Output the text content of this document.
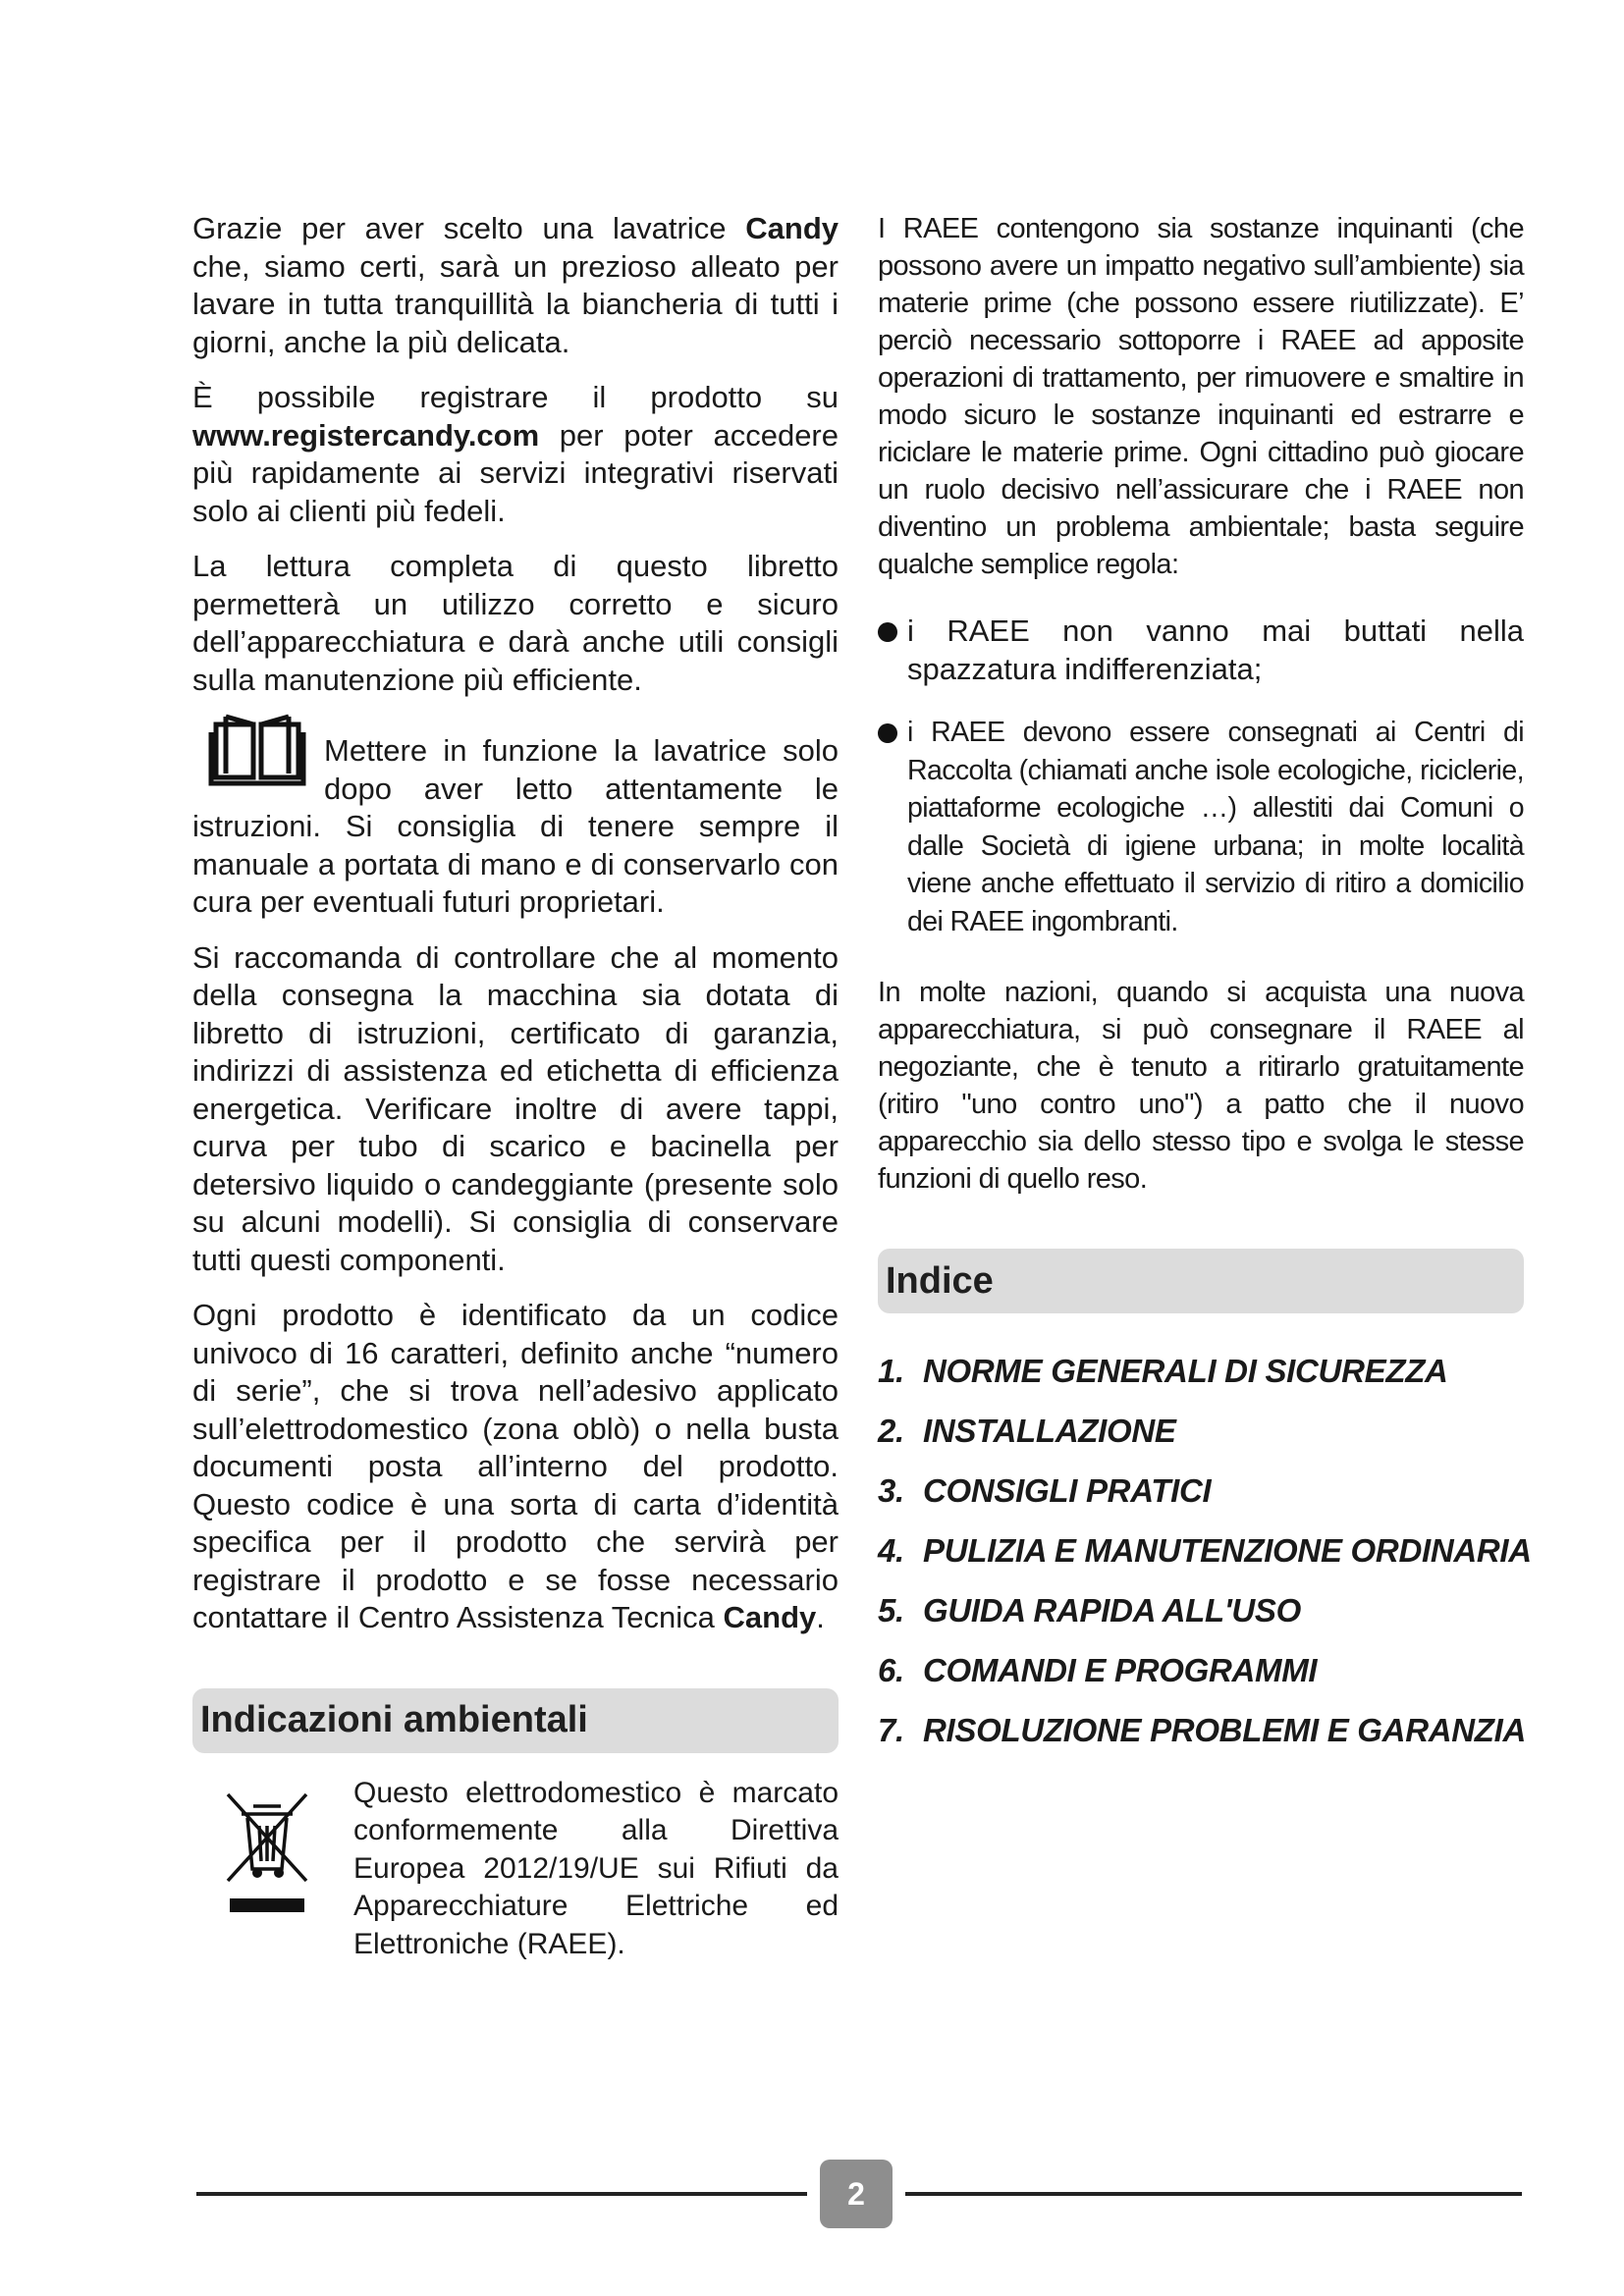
Grazie per aver scelto una lavatrice Candy che, siamo certi, sarà un prezioso alleato per lavare in tutta tranquillità la biancheria di tutti i giorni, anche la più delicata.

È possibile registrare il prodotto su www.registercandy.com per poter accedere più rapidamente ai servizi integrativi riservati solo ai clienti più fedeli.

La lettura completa di questo libretto permetterà un utilizzo corretto e sicuro dell’apparecchiatura e darà anche utili consigli sulla manutenzione più efficiente.

Mettere in funzione la lavatrice solo dopo aver letto attentamente le istruzioni. Si consiglia di tenere sempre il manuale a portata di mano e di conservarlo con cura per eventuali futuri proprietari.

Si raccomanda di controllare che al momento della consegna la macchina sia dotata di libretto di istruzioni, certificato di garanzia, indirizzi di assistenza ed etichetta di efficienza energetica. Verificare inoltre di avere tappi, curva per tubo di scarico e bacinella per detersivo liquido o candeggiante (presente solo su alcuni modelli). Si consiglia di conservare tutti questi componenti.

Ogni prodotto è identificato da un codice univoco di 16 caratteri, definito anche “numero di serie”, che si trova nell’adesivo applicato sull’elettrodomestico (zona oblò) o nella busta documenti posta all’interno del prodotto. Questo codice è una sorta di carta d’identità specifica per il prodotto che servirà per registrare il prodotto e se fosse necessario contattare il Centro Assistenza Tecnica Candy.

Indicazioni ambientali

Questo elettrodomestico è marcato conformemente alla Direttiva Europea 2012/19/UE sui Rifiuti da Apparecchiature Elettriche ed Elettroniche (RAEE).

I RAEE contengono sia sostanze inquinanti (che possono avere un impatto negativo sull’ambiente) sia materie prime (che possono essere riutilizzate). E’ perciò necessario sottoporre i RAEE ad apposite operazioni di trattamento, per rimuovere e smaltire in modo sicuro le sostanze inquinanti ed estrarre e riciclare le materie prime. Ogni cittadino può giocare un ruolo decisivo nell’assicurare che i RAEE non diventino un problema ambientale; basta seguire qualche semplice regola:

i RAEE non vanno mai buttati nella spazzatura indifferenziata;
i RAEE devono essere consegnati ai Centri di Raccolta (chiamati anche isole ecologiche, riciclerie, piattaforme ecologiche …) allestiti dai Comuni o dalle Società di igiene urbana; in molte località viene anche effettuato il servizio di ritiro a domicilio dei RAEE ingombranti.

In molte nazioni, quando si acquista una nuova apparecchiatura, si può consegnare il RAEE al negoziante, che è tenuto a ritirarlo gratuitamente (ritiro "uno contro uno") a patto che il nuovo apparecchio sia dello stesso tipo e svolga le stesse funzioni di quello reso.

Indice
1. NORME GENERALI DI SICUREZZA
2. INSTALLAZIONE
3. CONSIGLI PRATICI
4. PULIZIA E MANUTENZIONE ORDINARIA
5. GUIDA RAPIDA ALL'USO
6. COMANDI E PROGRAMMI
7. RISOLUZIONE PROBLEMI E GARANZIA
2
